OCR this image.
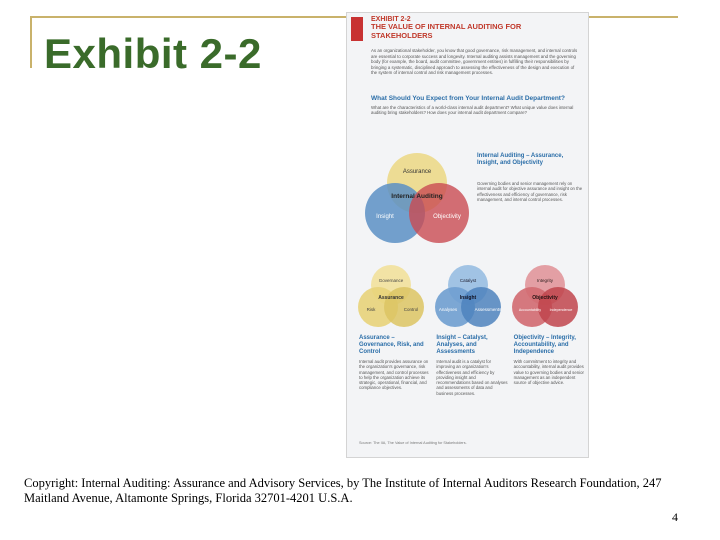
Exhibit 2-2
EXHIBIT 2-2
THE VALUE OF INTERNAL AUDITING FOR STAKEHOLDERS
As an organizational stakeholder, you know that good governance, risk management, and internal controls are essential to corporate success and longevity. Internal auditing assists management and the governing body (for example, the board, audit committee, government entities) in fulfilling their responsibilities by bringing a systematic, disciplined approach to assessing the effectiveness of the design and execution of the system of internal control and risk management processes.
What Should You Expect from Your Internal Audit Department?
What are the characteristics of a world-class internal audit department? What unique value does internal auditing bring stakeholders? How does your internal audit department compare?
Assurance
Internal Auditing
Insight	Objectivity
Governance
Assurance
Risk	Control
Catalyst
Insight
Analyses	Assessments
Integrity
Objectivity
Accountability Independence
Internal Auditing – Assurance, Insight, and Objectivity
Governing bodies and senior management rely on internal audit for objective assurance and insight on the effectiveness and efficiency of governance, risk management, and internal control processes.
Assurance – Governance, Risk, and Control
Internal audit provides assurance on the organization's governance, risk management, and control processes to help the organization achieve its strategic, operational, financial, and compliance objectives.
Insight – Catalyst, Analyses, and Assessments
Internal audit is a catalyst for improving an organization's effectiveness and efficiency by providing insight and recommendations based on analyses and assessments of data and business processes.
Objectivity – Integrity, Accountability, and Independence
With commitment to integrity and accountability, internal audit provides value to governing bodies and senior management as an independent source of objective advice.
Source: The IIA, The Value of Internal Auditing for Stakeholders.
Copyright: Internal Auditing: Assurance and Advisory Services, by The Institute of Internal Auditors Research Foundation, 247 Maitland Avenue, Altamonte Springs, Florida 32701-4201 U.S.A.
4
